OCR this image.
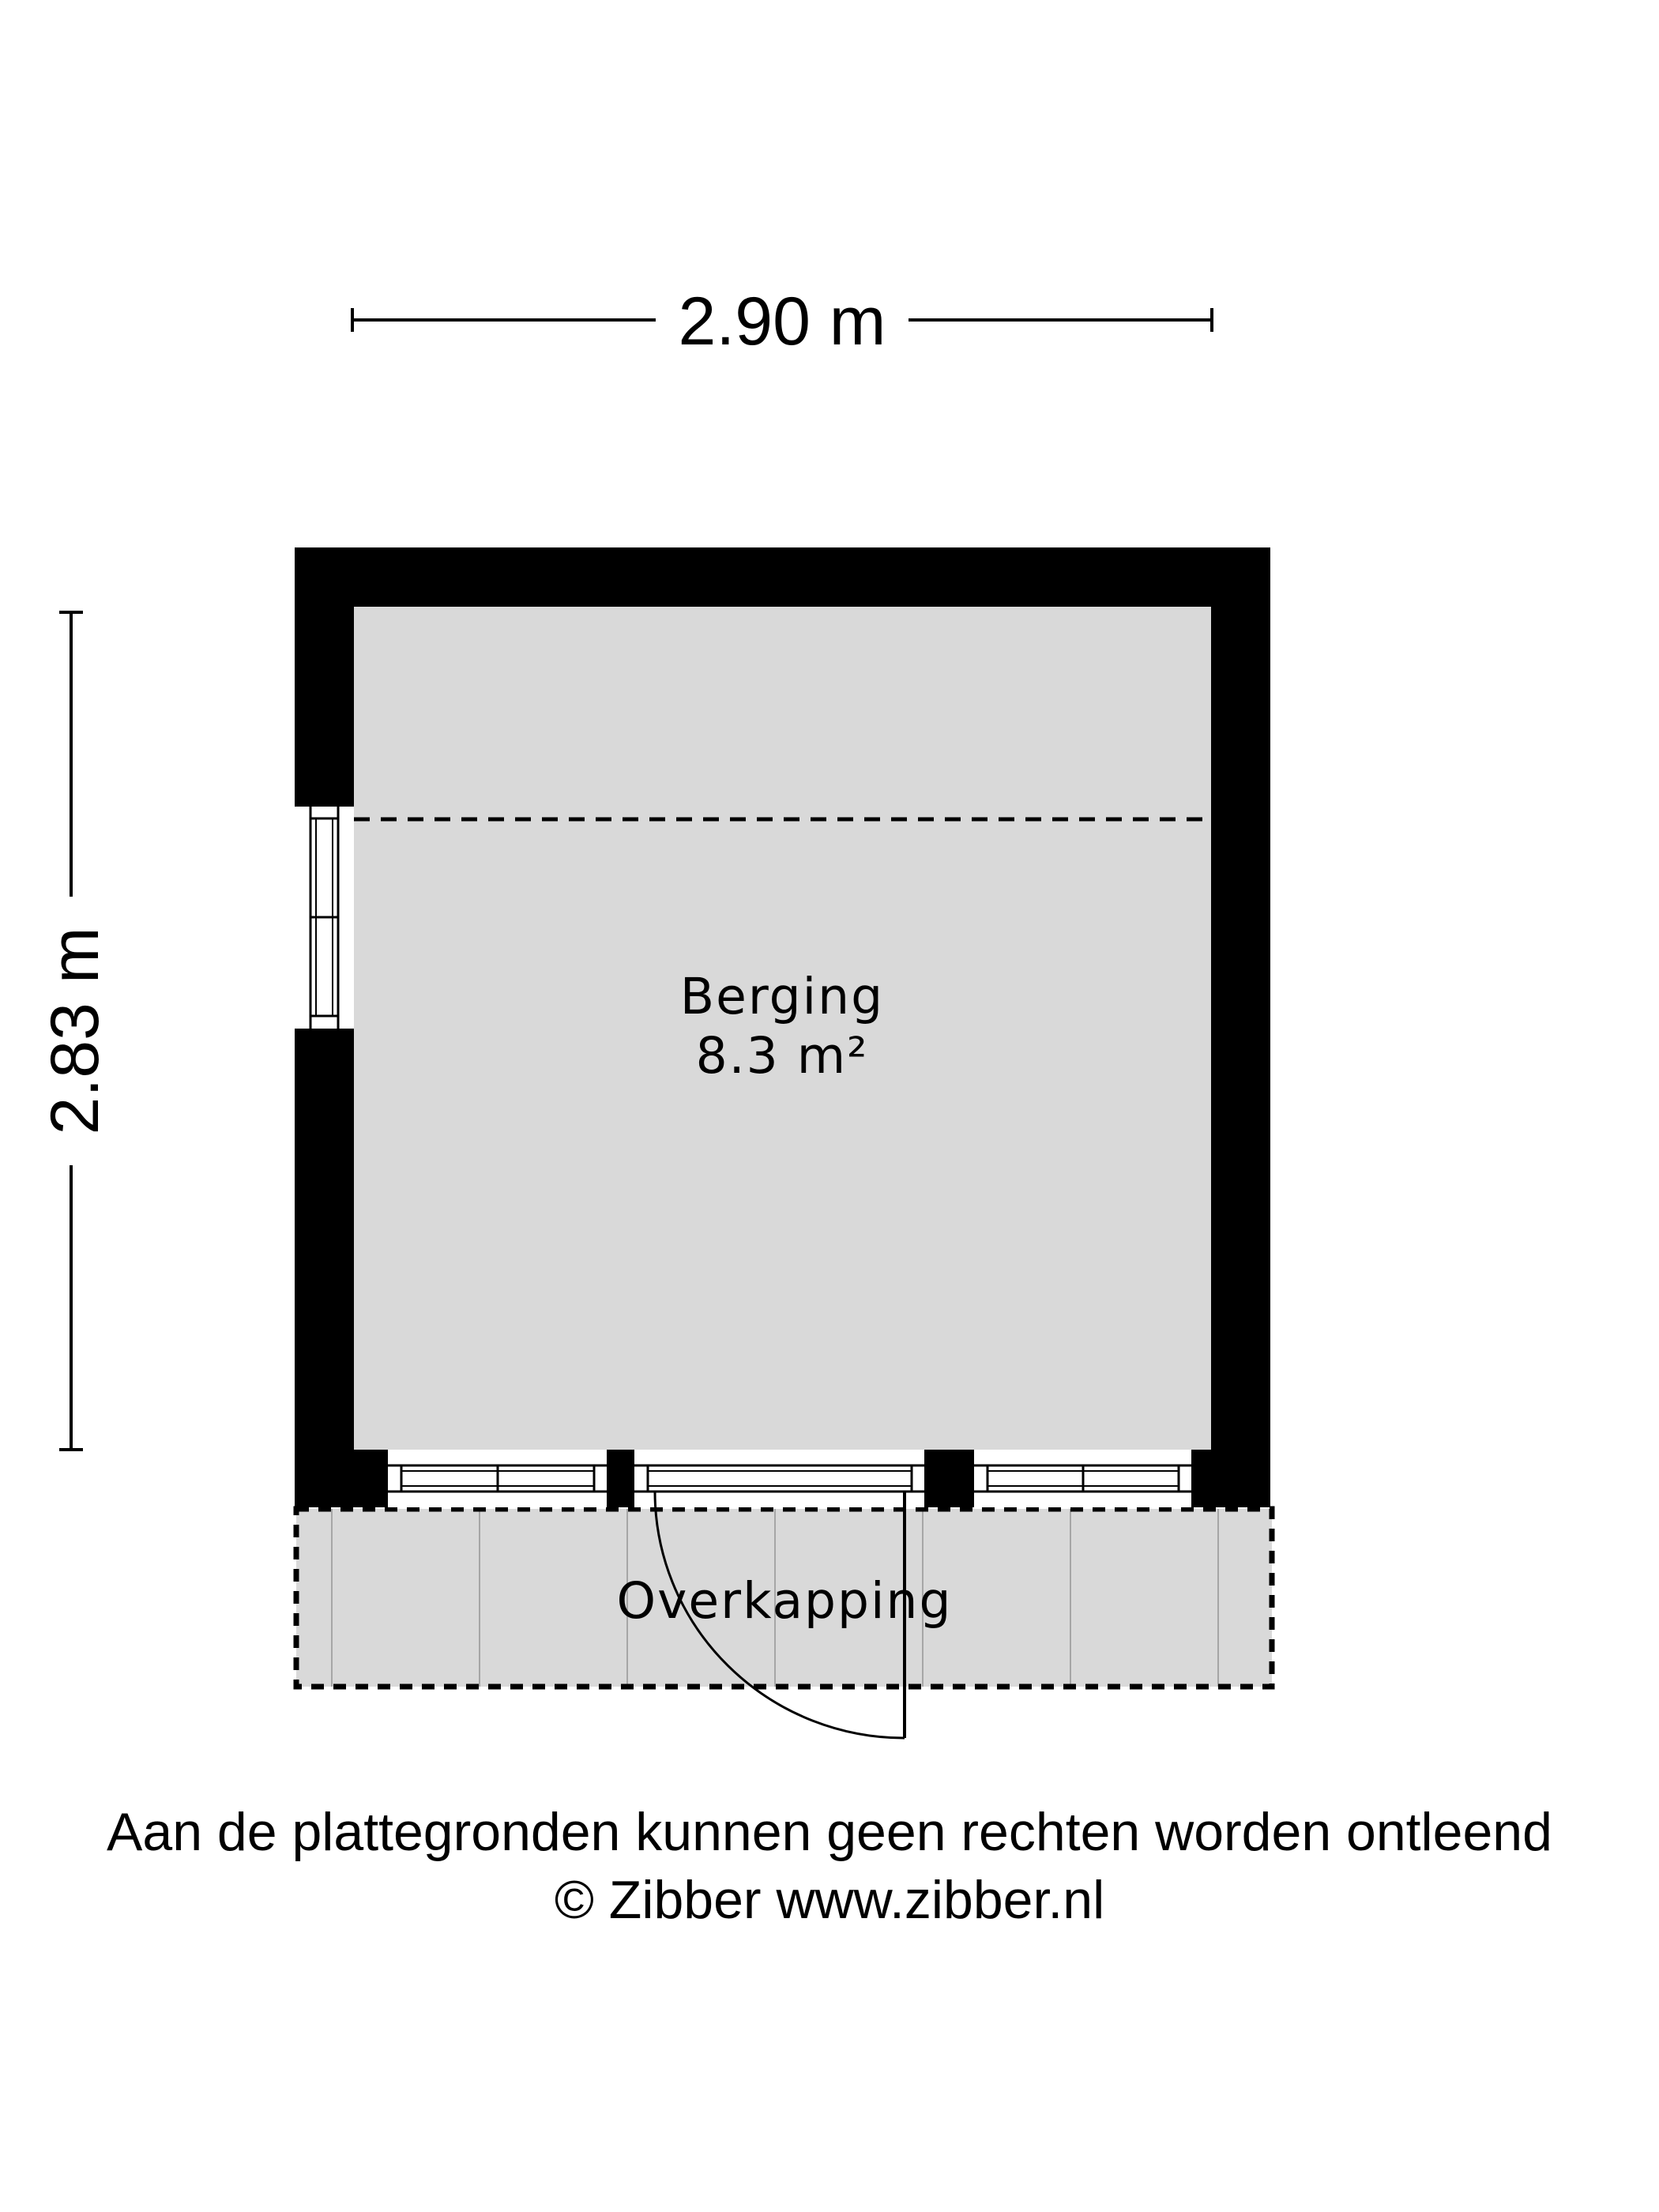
2.90 m
2.83 m
Overkapping
Berging
8.3 m²
Aan de plattegronden kunnen geen rechten worden ontleend
© Zibber www.zibber.nl
